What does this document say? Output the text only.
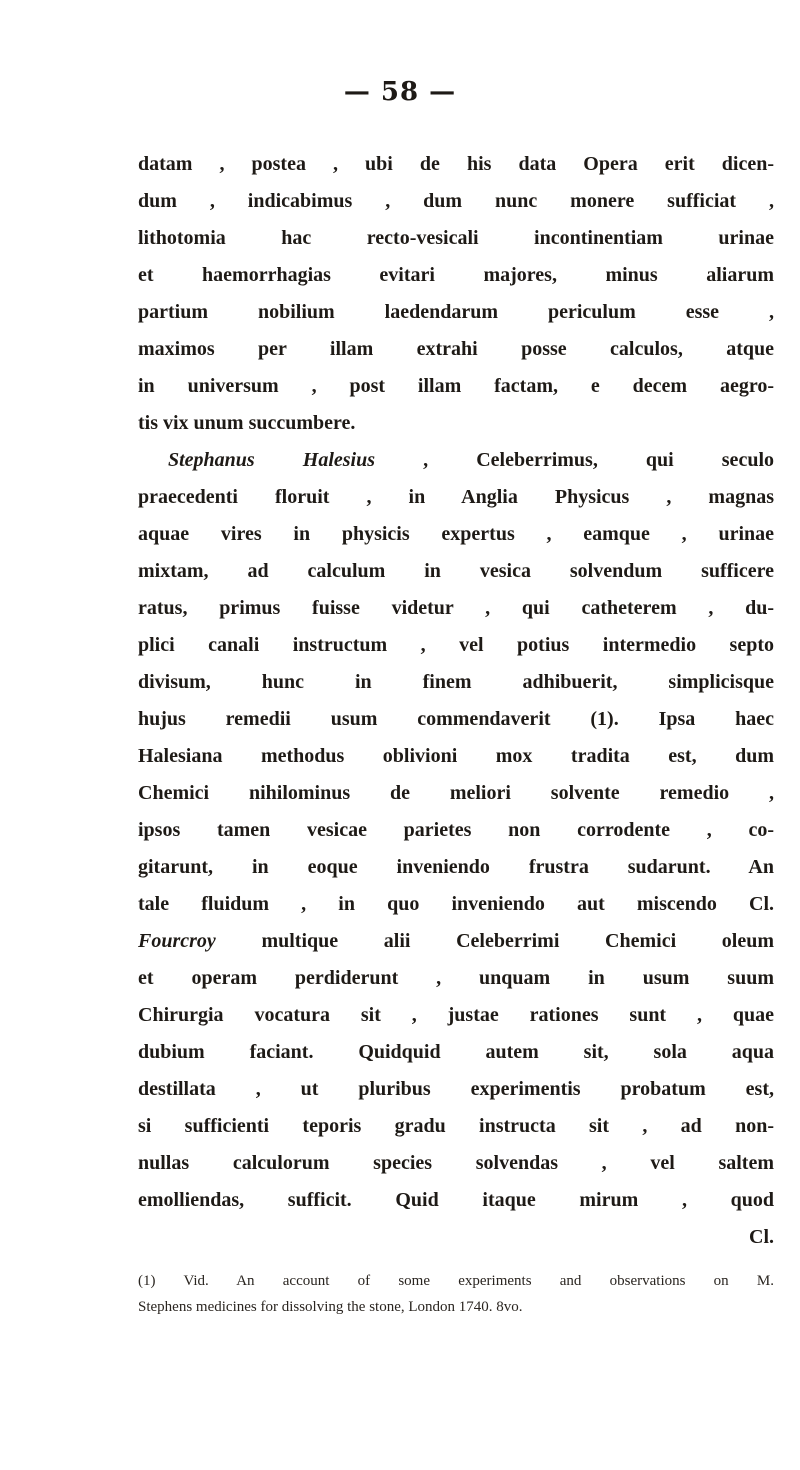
— 58 —
datam , postea , ubi de his data Opera erit dicen-
dum , indicabimus , dum nunc monere sufficiat ,
lithotomia hac recto-vesicali incontinentiam urinae
et haemorrhagias evitari majores, minus aliarum
partium nobilium laedendarum periculum esse ,
maximos per illam extrahi posse calculos, atque
in universum , post illam factam, e decem aegro-
tis vix unum succumbere.
Stephanus Halesius , Celeberrimus, qui seculo
praecedenti floruit , in Anglia Physicus , magnas
aquae vires in physicis expertus , eamque , urinae
mixtam, ad calculum in vesica solvendum sufficere
ratus, primus fuisse videtur , qui catheterem , du-
plici canali instructum , vel potius intermedio septo
divisum, hunc in finem adhibuerit, simplicisque
hujus remedii usum commendaverit (1). Ipsa haec
Halesiana methodus oblivioni mox tradita est, dum
Chemici nihilominus de meliori solvente remedio ,
ipsos tamen vesicae parietes non corrodente , co-
gitarunt, in eoque inveniendo frustra sudarunt. An
tale fluidum , in quo inveniendo aut miscendo Cl.
Fourcroy multique alii Celeberrimi Chemici oleum
et operam perdiderunt , unquam in usum suum
Chirurgia vocatura sit , justae rationes sunt , quae
dubium faciant. Quidquid autem sit, sola aqua
destillata , ut pluribus experimentis probatum est,
si sufficienti teporis gradu instructa sit , ad non-
nullas calculorum species solvendas , vel saltem
emolliendas, sufficit. Quid itaque mirum , quod
Cl.
(1) Vid. An account of some experiments and observations on M.
Stephens medicines for dissolving the stone, London 1740. 8vo.
